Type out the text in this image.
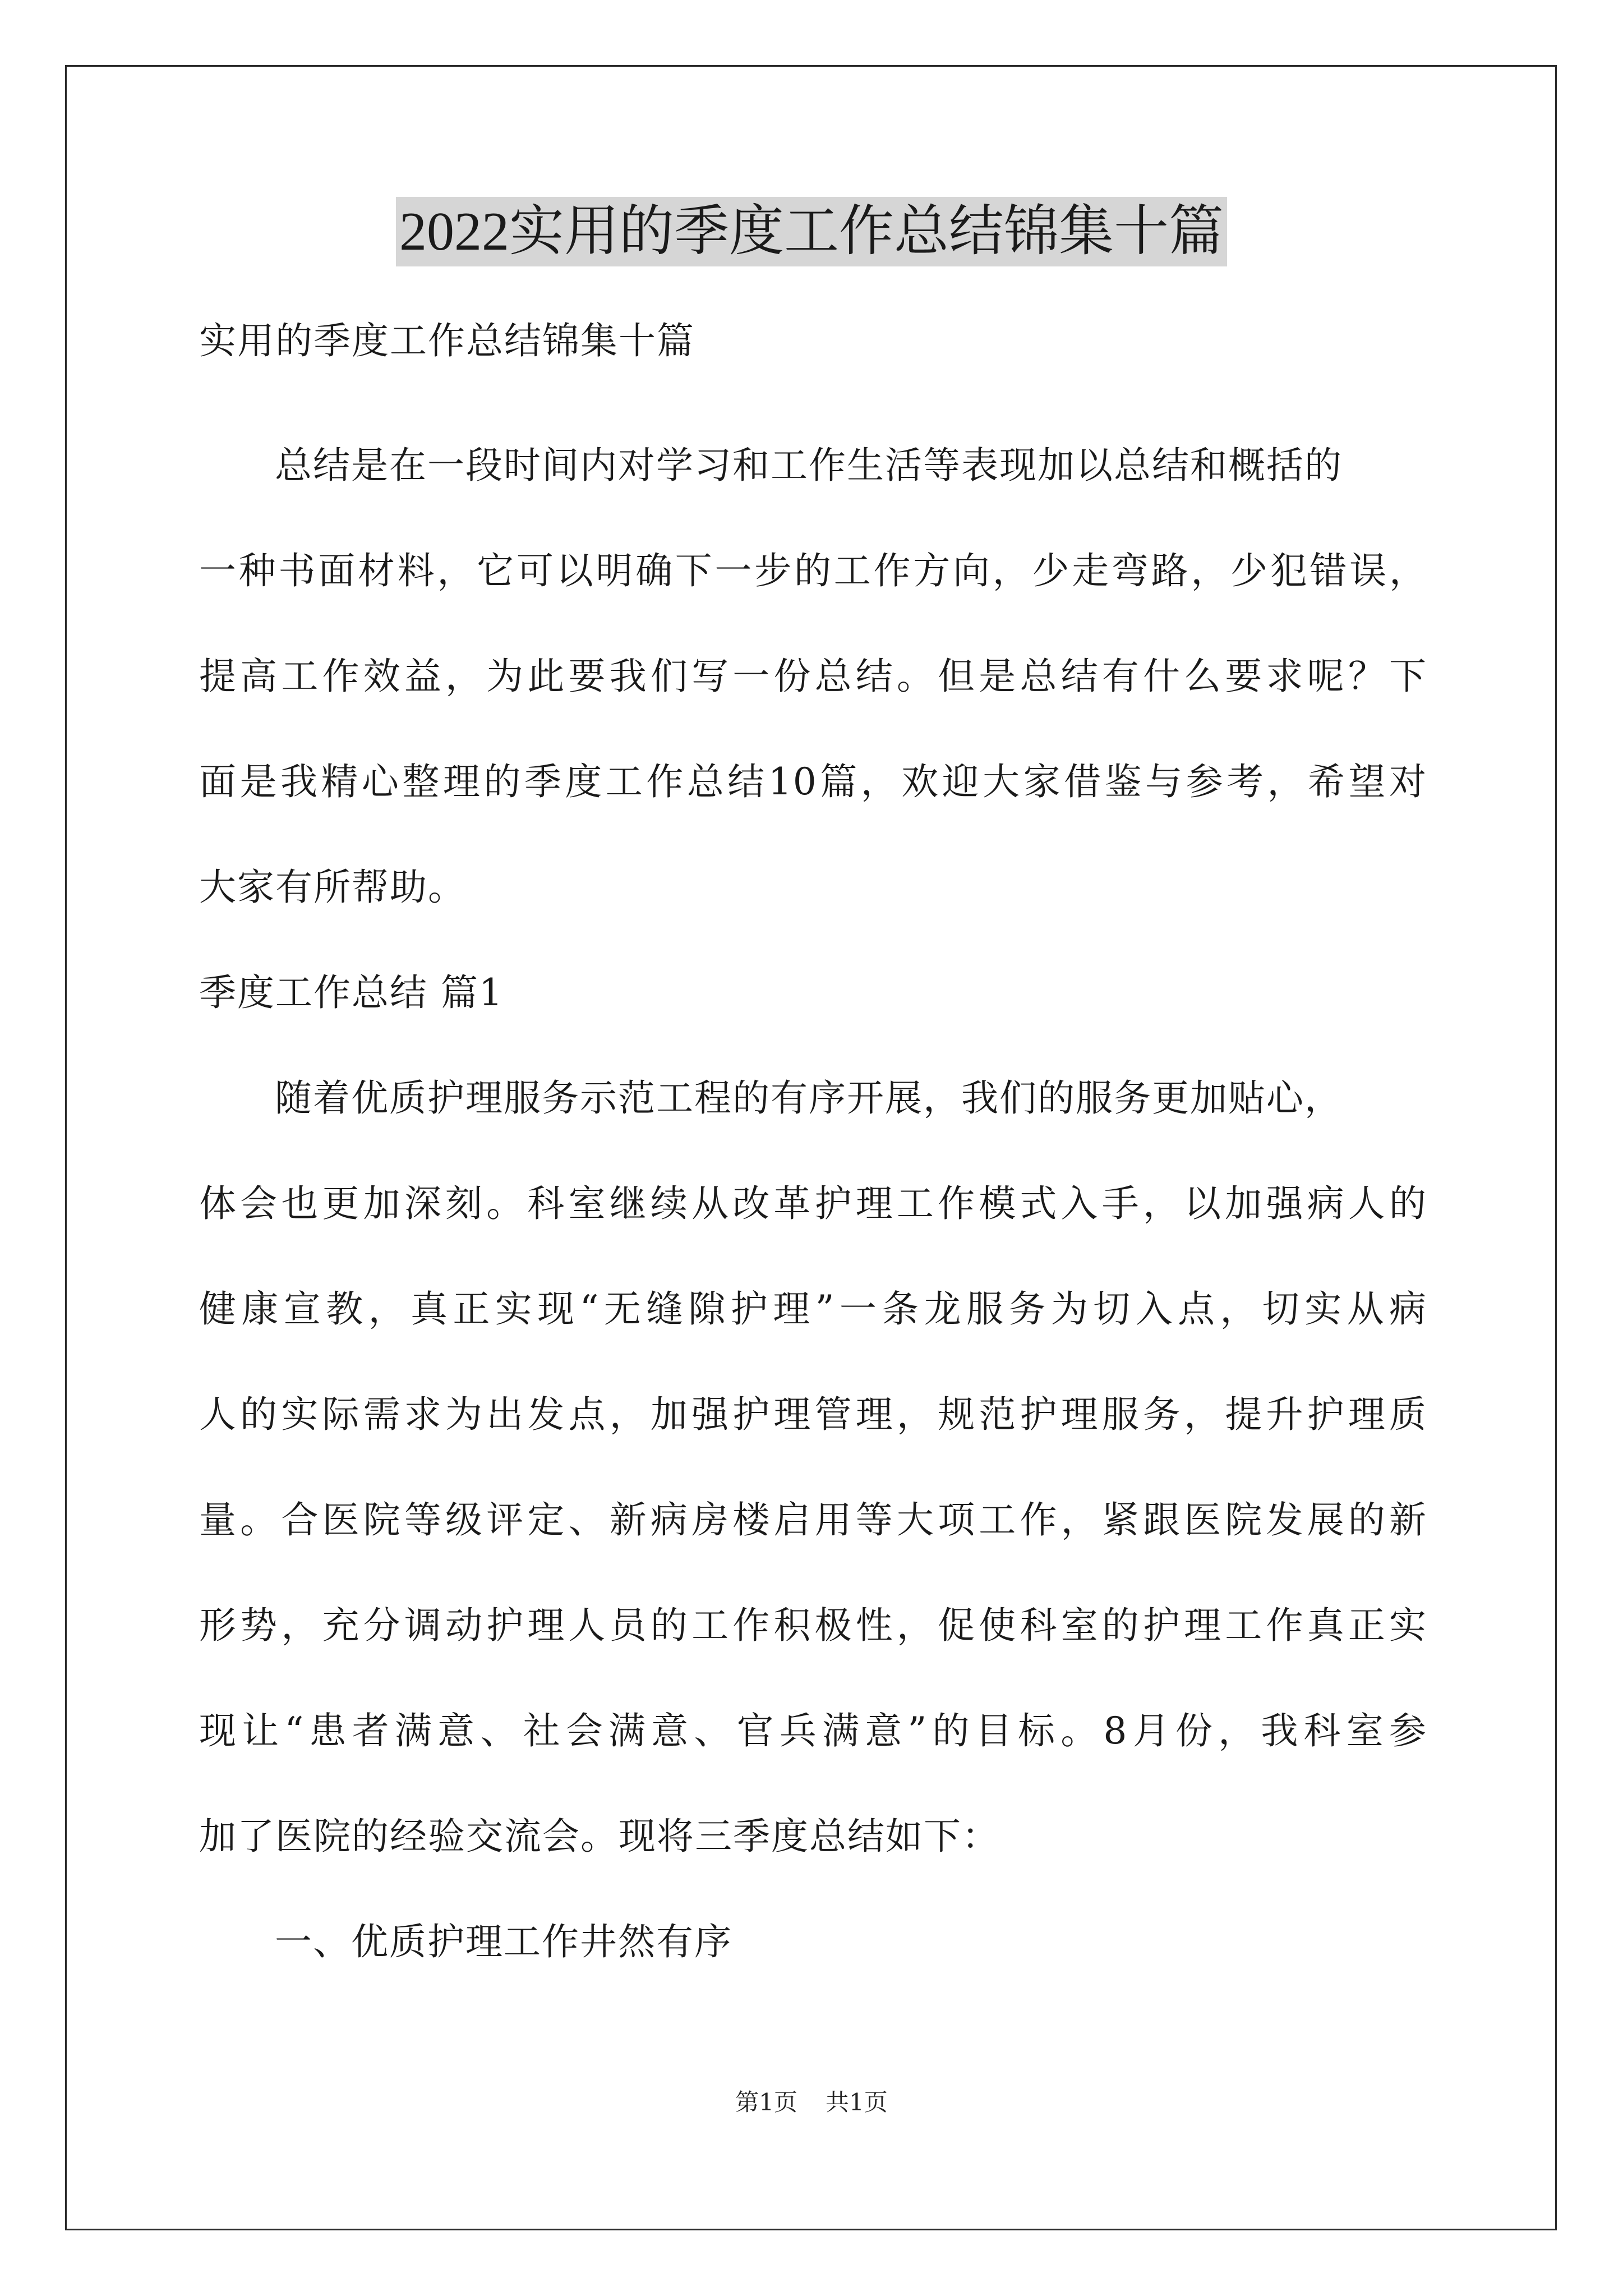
2022实用的季度工作总结锦集十篇
实用的季度工作总结锦集十篇
总结是在一段时间内对学习和工作生活等表现加以总结和概括的
一种书面材料，它可以明确下一步的工作方向，少走弯路，少犯错误，
提高工作效益，为此要我们写一份总结。但是总结有什么要求呢？下
面是我精心整理的季度工作总结10篇，欢迎大家借鉴与参考，希望对
大家有所帮助。
季度工作总结 篇1
随着优质护理服务示范工程的有序开展，我们的服务更加贴心，
体会也更加深刻。科室继续从改革护理工作模式入手，以加强病人的
健康宣教，真正实现“无缝隙护理”一条龙服务为切入点，切实从病
人的实际需求为出发点，加强护理管理，规范护理服务，提升护理质
量。合医院等级评定、新病房楼启用等大项工作，紧跟医院发展的新
形势，充分调动护理人员的工作积极性，促使科室的护理工作真正实
现让“患者满意、社会满意、官兵满意”的目标。8月份，我科室参
加了医院的经验交流会。现将三季度总结如下：
一、优质护理工作井然有序
第1页 共1页
